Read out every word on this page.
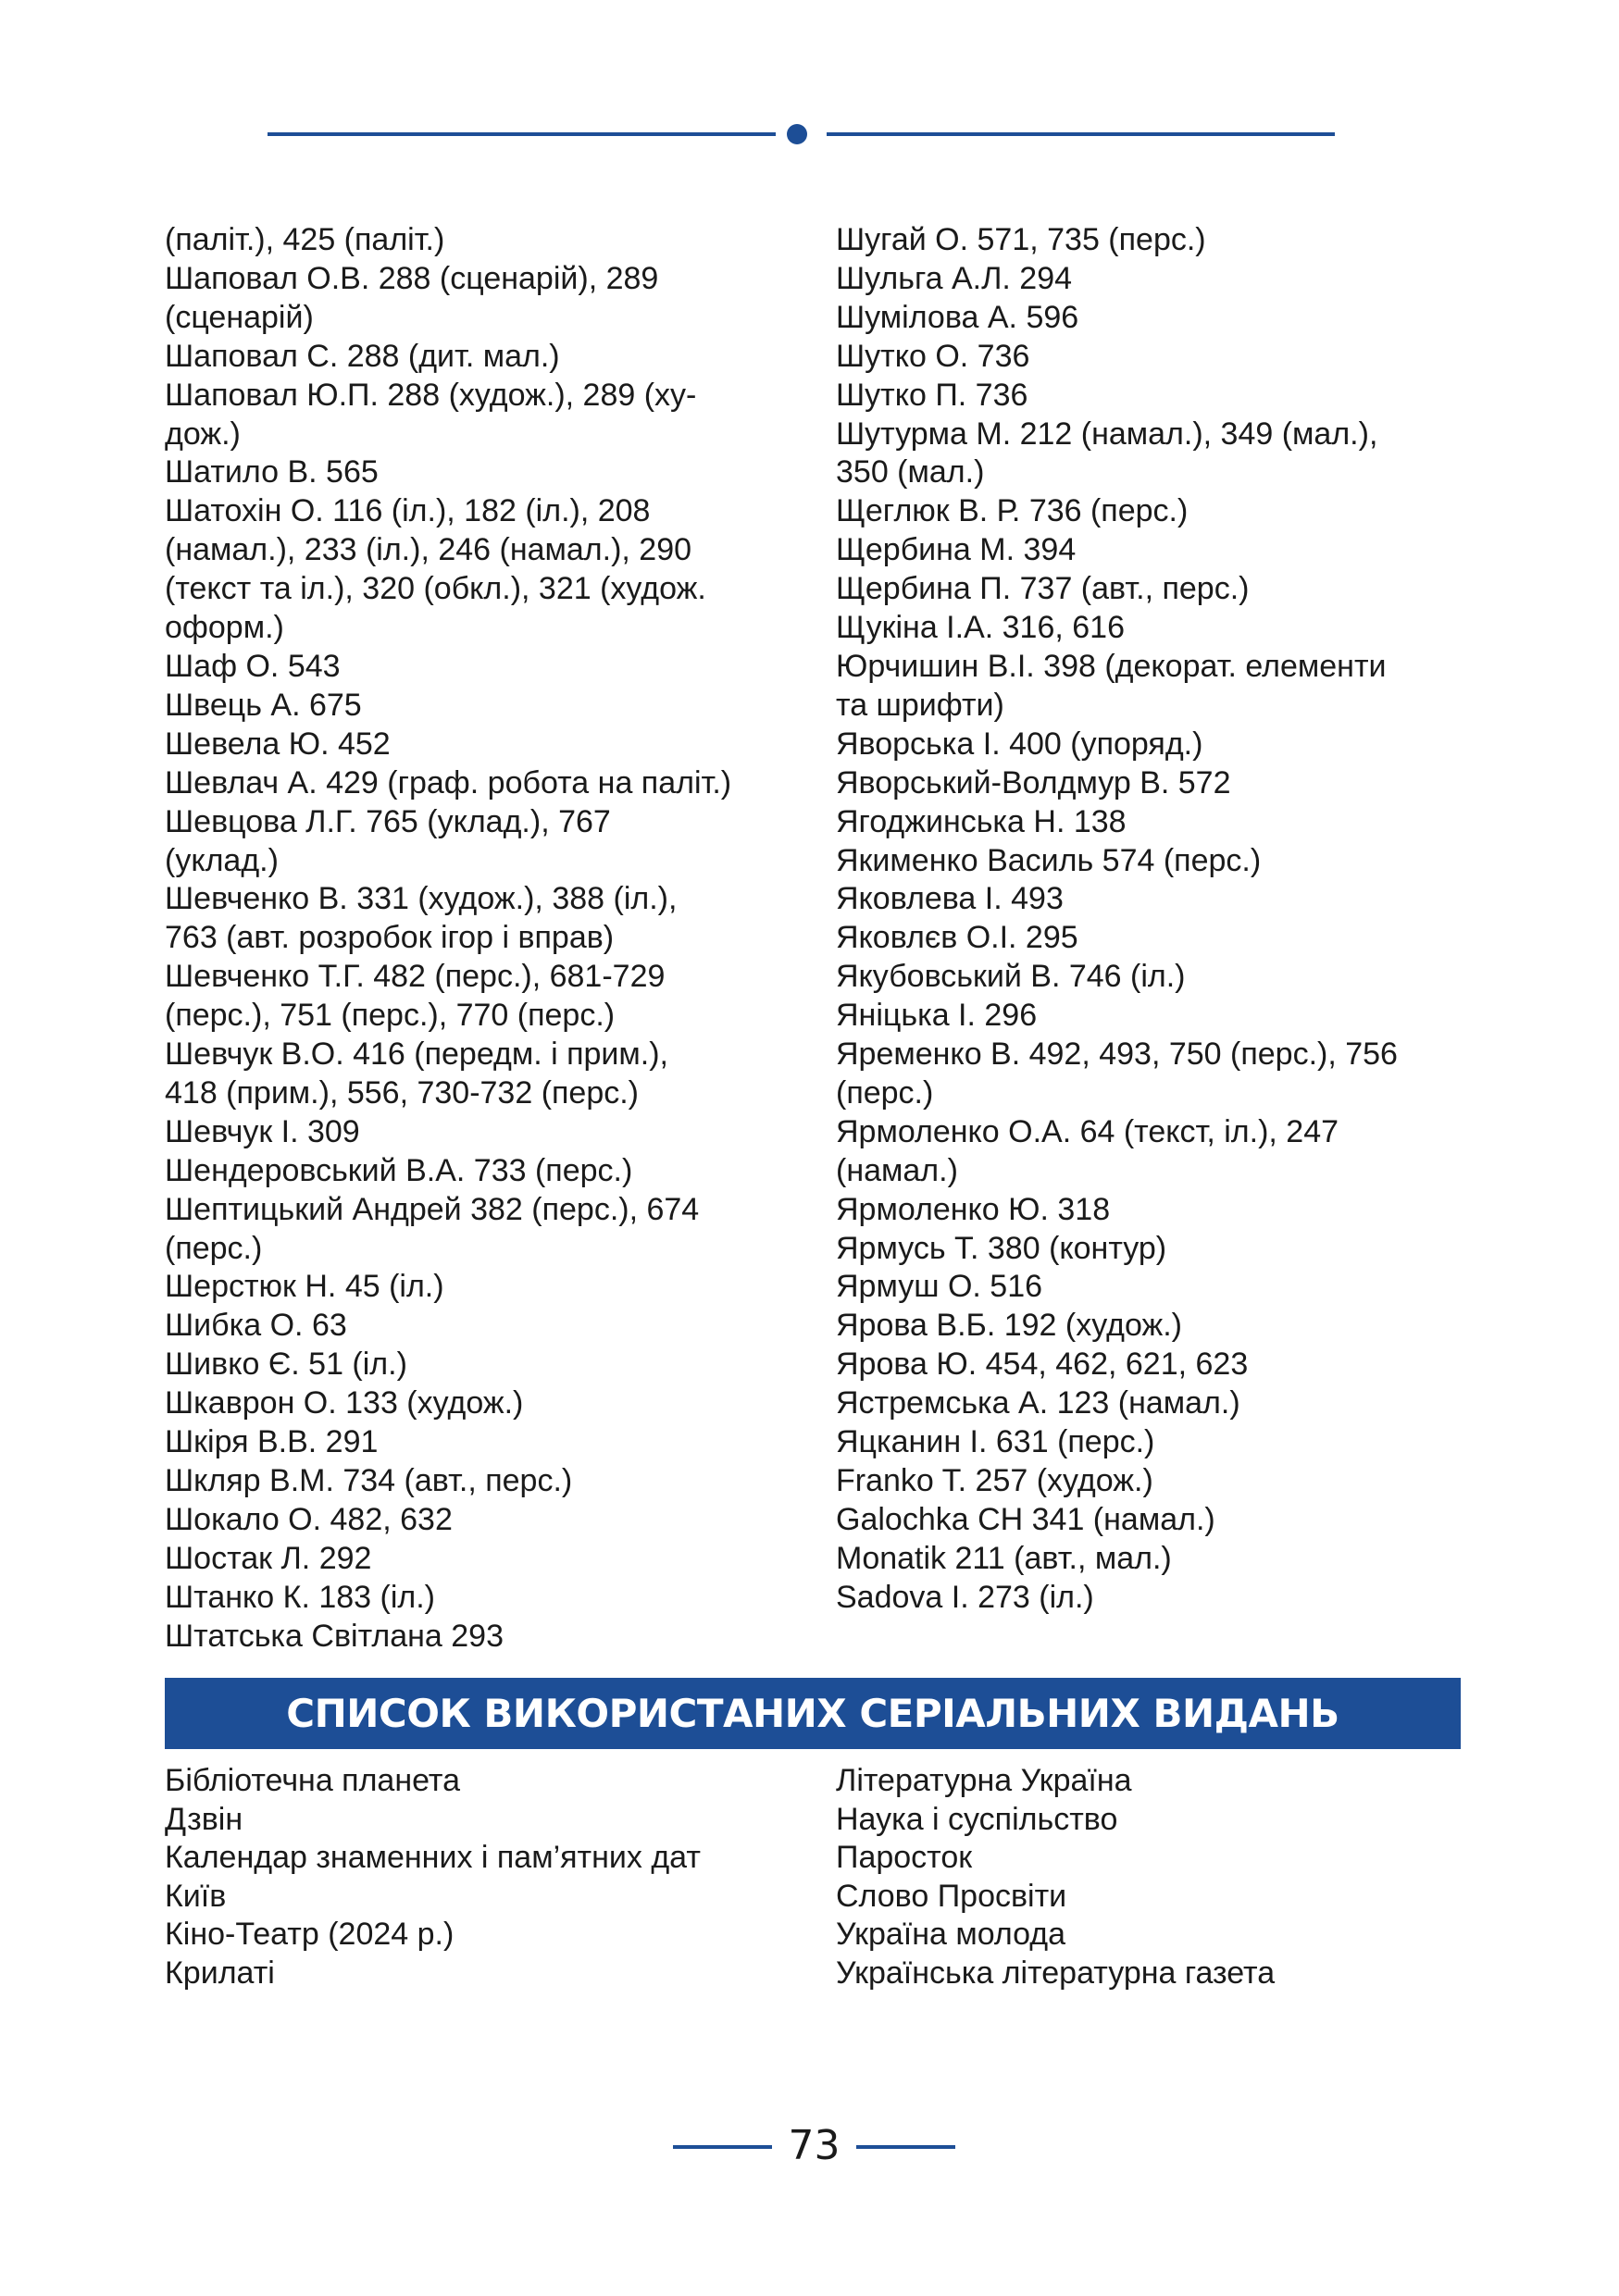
(паліт.), 425 (паліт.)
Шаповал О.В. 288 (сценарій), 289
(сценарій)
Шаповал С. 288 (дит. мал.)
Шаповал Ю.П. 288 (худож.), 289 (ху-
дож.)
Шатило В. 565
Шатохін О. 116 (іл.), 182 (іл.), 208
(намал.), 233 (іл.), 246 (намал.), 290
(текст та іл.), 320 (обкл.), 321 (худож.
оформ.)
Шаф О. 543
Швець А. 675
Шевела Ю. 452
Шевлач А. 429 (граф. робота на паліт.)
Шевцова Л.Г. 765 (уклад.), 767
(уклад.)
Шевченко В. 331 (худож.), 388 (іл.),
763 (авт. розробок ігор і вправ)
Шевченко Т.Г. 482 (перс.), 681-729
(перс.), 751 (перс.), 770 (перс.)
Шевчук В.О. 416 (передм. і прим.),
418 (прим.), 556, 730-732 (перс.)
Шевчук І. 309
Шендеровський В.А. 733 (перс.)
Шептицький Андрей 382 (перс.), 674
(перс.)
Шерстюк Н. 45 (іл.)
Шибка О. 63
Шивко Є. 51 (іл.)
Шкаврон О. 133 (худож.)
Шкіря В.В. 291
Шкляр В.М. 734 (авт., перс.)
Шокало О. 482, 632
Шостак Л. 292
Штанко К. 183 (іл.)
Штатська Світлана 293
Шугай О. 571, 735 (перс.)
Шульга А.Л. 294
Шумілова А. 596
Шутко О. 736
Шутко П. 736
Шутурма М. 212 (намал.), 349 (мал.),
350 (мал.)
Щеглюк В. Р. 736 (перс.)
Щербина М. 394
Щербина П. 737 (авт., перс.)
Щукіна І.А. 316, 616
Юрчишин В.І. 398 (декорат. елементи
та шрифти)
Яворська І. 400 (упоряд.)
Яворський-Волдмур В. 572
Ягоджинська Н. 138
Якименко Василь 574 (перс.)
Яковлева І. 493
Яковлєв О.І. 295
Якубовський В. 746 (іл.)
Яніцька І. 296
Яременко В. 492, 493, 750 (перс.), 756
(перс.)
Ярмоленко О.А. 64 (текст, іл.), 247
(намал.)
Ярмоленко Ю. 318
Ярмусь Т. 380 (контур)
Ярмуш О. 516
Ярова В.Б. 192 (худож.)
Ярова Ю. 454, 462, 621, 623
Ястремська А. 123 (намал.)
Яцканин І. 631 (перс.)
Franko T. 257 (худож.)
Galochka CH 341 (намал.)
Monatik 211 (авт., мал.)
Sadova I. 273 (іл.)
СПИСОК ВИКОРИСТАНИХ СЕРІАЛЬНИХ ВИДАНЬ
Бібліотечна планета
Дзвін
Календар знаменних і пам’ятних дат
Київ
Кіно-Театр (2024 р.)
Крилаті
Літературна Україна
Наука і суспільство
Паросток
Слово Просвіти
Україна молода
Українська літературна газета
73
